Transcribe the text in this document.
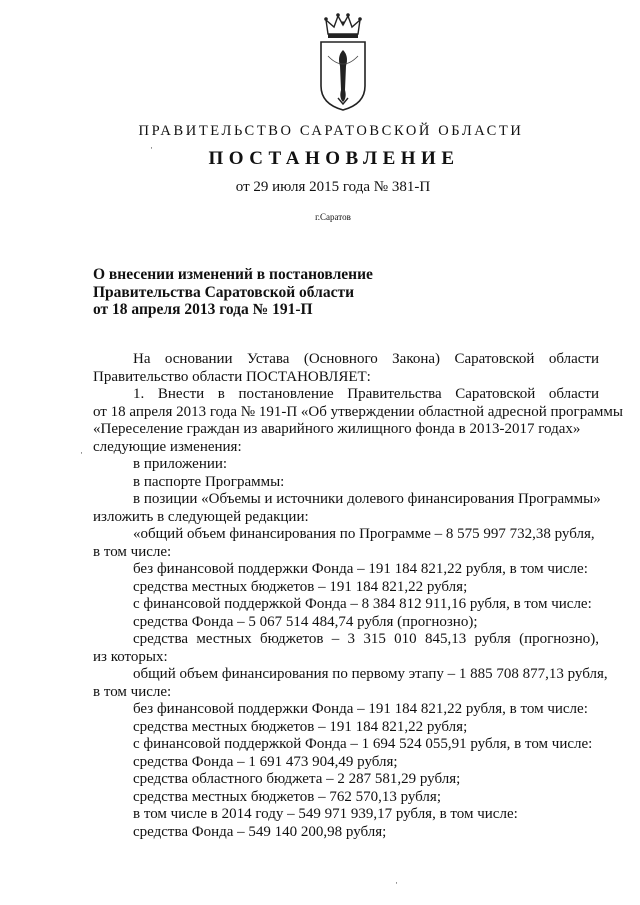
ПРАВИТЕЛЬСТВО САРАТОВСКОЙ ОБЛАСТИ
ПОСТАНОВЛЕНИЕ
от 29 июля 2015 года № 381-П
г.Саратов
О внесении изменений в постановление
Правительства Саратовской области
от 18 апреля 2013 года № 191-П
На основании Устава (Основного Закона) Саратовской области
Правительство области ПОСТАНОВЛЯЕТ:
1. Внести в постановление Правительства Саратовской области
от 18 апреля 2013 года № 191-П «Об утверждении областной адресной программы
«Переселение граждан из аварийного жилищного фонда в 2013-2017 годах»
следующие изменения:
в приложении:
в паспорте Программы:
в позиции «Объемы и источники долевого финансирования Программы»
изложить в следующей редакции:
«общий объем финансирования по Программе – 8 575 997 732,38 рубля,
в том числе:
без финансовой поддержки Фонда – 191 184 821,22 рубля, в том числе:
средства местных бюджетов – 191 184 821,22 рубля;
с финансовой поддержкой Фонда – 8 384 812 911,16 рубля, в том числе:
средства Фонда – 5 067 514 484,74 рубля (прогнозно);
средства местных бюджетов – 3 315 010 845,13 рубля (прогнозно),
из которых:
общий объем финансирования по первому этапу – 1 885 708 877,13 рубля,
в том числе:
без финансовой поддержки Фонда – 191 184 821,22 рубля, в том числе:
средства местных бюджетов – 191 184 821,22 рубля;
с финансовой поддержкой Фонда – 1 694 524 055,91 рубля, в том числе:
средства Фонда – 1 691 473 904,49 рубля;
средства областного бюджета – 2 287 581,29 рубля;
средства местных бюджетов – 762 570,13 рубля;
в том числе в 2014 году – 549 971 939,17 рубля, в том числе:
средства Фонда – 549 140 200,98 рубля;
·
·
·
